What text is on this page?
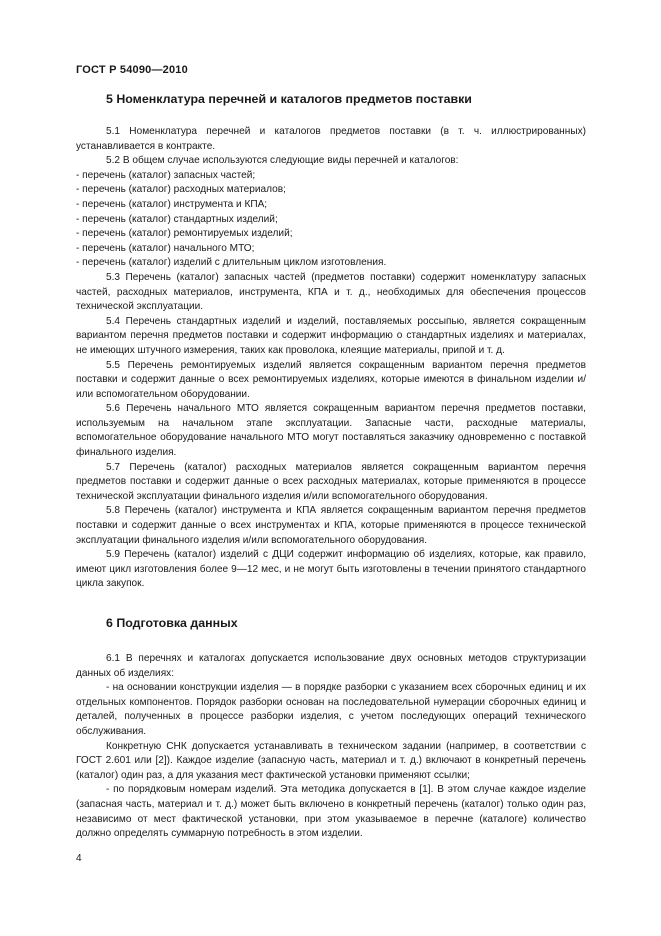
ГОСТ Р 54090—2010
5 Номенклатура перечней и каталогов предметов поставки

5.1 Номенклатура перечней и каталогов предметов поставки (в т. ч. иллюстрированных) устанавливается в контракте.

5.2 В общем случае используются следующие виды перечней и каталогов:

- перечень (каталог) запасных частей;
- перечень (каталог) расходных материалов;
- перечень (каталог) инструмента и КПА;
- перечень (каталог) стандартных изделий;
- перечень (каталог) ремонтируемых изделий;
- перечень (каталог) начального МТО;
- перечень (каталог) изделий с длительным циклом изготовления.

5.3 Перечень (каталог) запасных частей (предметов поставки) содержит номенклатуру запасных частей, расходных материалов, инструмента, КПА и т. д., необходимых для обеспечения процессов технической эксплуатации.

5.4 Перечень стандартных изделий и изделий, поставляемых россыпью, является сокращенным вариантом перечня предметов поставки и содержит информацию о стандартных изделиях и материалах, не имеющих штучного измерения, таких как проволока, клеящие материалы, припой и т. д.

5.5 Перечень ремонтируемых изделий является сокращенным вариантом перечня предметов поставки и содержит данные о всех ремонтируемых изделиях, которые имеются в финальном изделии и/или вспомогательном оборудовании.

5.6 Перечень начального МТО является сокращенным вариантом перечня предметов поставки, используемым на начальном этапе эксплуатации. Запасные части, расходные материалы, вспомогательное оборудование начального МТО могут поставляться заказчику одновременно с поставкой финального изделия.

5.7 Перечень (каталог) расходных материалов является сокращенным вариантом перечня предметов поставки и содержит данные о всех расходных материалах, которые применяются в процессе технической эксплуатации финального изделия и/или вспомогательного оборудования.

5.8 Перечень (каталог) инструмента и КПА является сокращенным вариантом перечня предметов поставки и содержит данные о всех инструментах и КПА, которые применяются в процессе технической эксплуатации финального изделия и/или вспомогательного оборудования.

5.9 Перечень (каталог) изделий с ДЦИ содержит информацию об изделиях, которые, как правило, имеют цикл изготовления более 9—12 мес, и не могут быть изготовлены в течении принятого стандартного цикла закупок.

6 Подготовка данных

6.1 В перечнях и каталогах допускается использование двух основных методов структуризации данных об изделиях:

- на основании конструкции изделия — в порядке разборки с указанием всех сборочных единиц и их отдельных компонентов. Порядок разборки основан на последовательной нумерации сборочных единиц и деталей, полученных в процессе разборки изделия, с учетом последующих операций технического обслуживания.

Конкретную СНК допускается устанавливать в техническом задании (например, в соответствии с ГОСТ 2.601 или [2]). Каждое изделие (запасную часть, материал и т. д.) включают в конкретный перечень (каталог) один раз, а для указания мест фактической установки применяют ссылки;

- по порядковым номерам изделий. Эта методика допускается в [1]. В этом случае каждое изделие (запасная часть, материал и т. д.) может быть включено в конкретный перечень (каталог) только один раз, независимо от мест фактической установки, при этом указываемое в перечне (каталоге) количество должно определять суммарную потребность в этом изделии.

4
